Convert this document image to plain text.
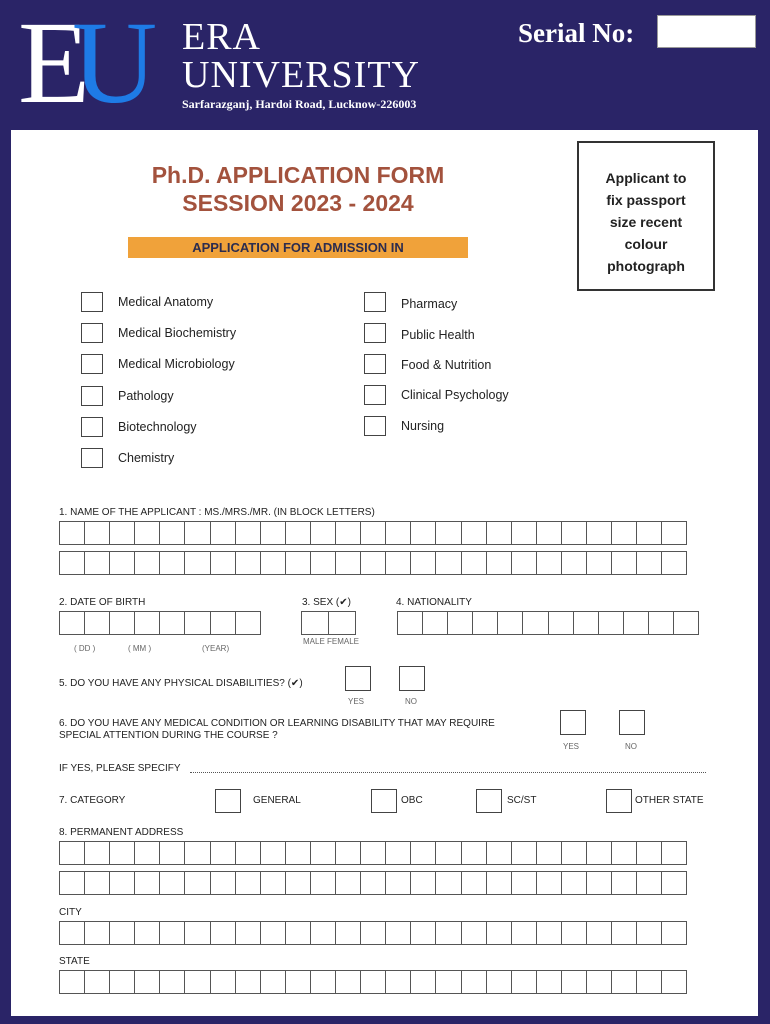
E
U ERA
UNIVERSITY
Sarfarazganj, Hardoi Road, Lucknow-226003
Serial No:
Ph.D. APPLICATION FORM
SESSION 2023 - 2024
APPLICATION FOR ADMISSION IN
Applicant to
fix passport
size recent
colour
photograph
Medical Anatomy
Medical Biochemistry
Medical Microbiology
Pathology
Biotechnology
Chemistry
Pharmacy
Public Health
Food & Nutrition
Clinical Psychology
Nursing
1. NAME OF THE APPLICANT : MS./MRS./MR. (IN BLOCK LETTERS)
2. DATE OF BIRTH
( DD )	( MM )	(YEAR)
3. SEX (✔)
MALE FEMALE
4. NATIONALITY
5. DO YOU HAVE ANY PHYSICAL DISABILITIES? (✔)
YES	NO
6. DO YOU HAVE ANY MEDICAL CONDITION OR LEARNING DISABILITY THAT MAY REQUIRE
SPECIAL ATTENTION DURING THE COURSE ?
YES	NO
IF YES, PLEASE SPECIFY
7. CATEGORY	GENERAL	OBC	SC/ST	OTHER STATE
8. PERMANENT ADDRESS
CITY
STATE
